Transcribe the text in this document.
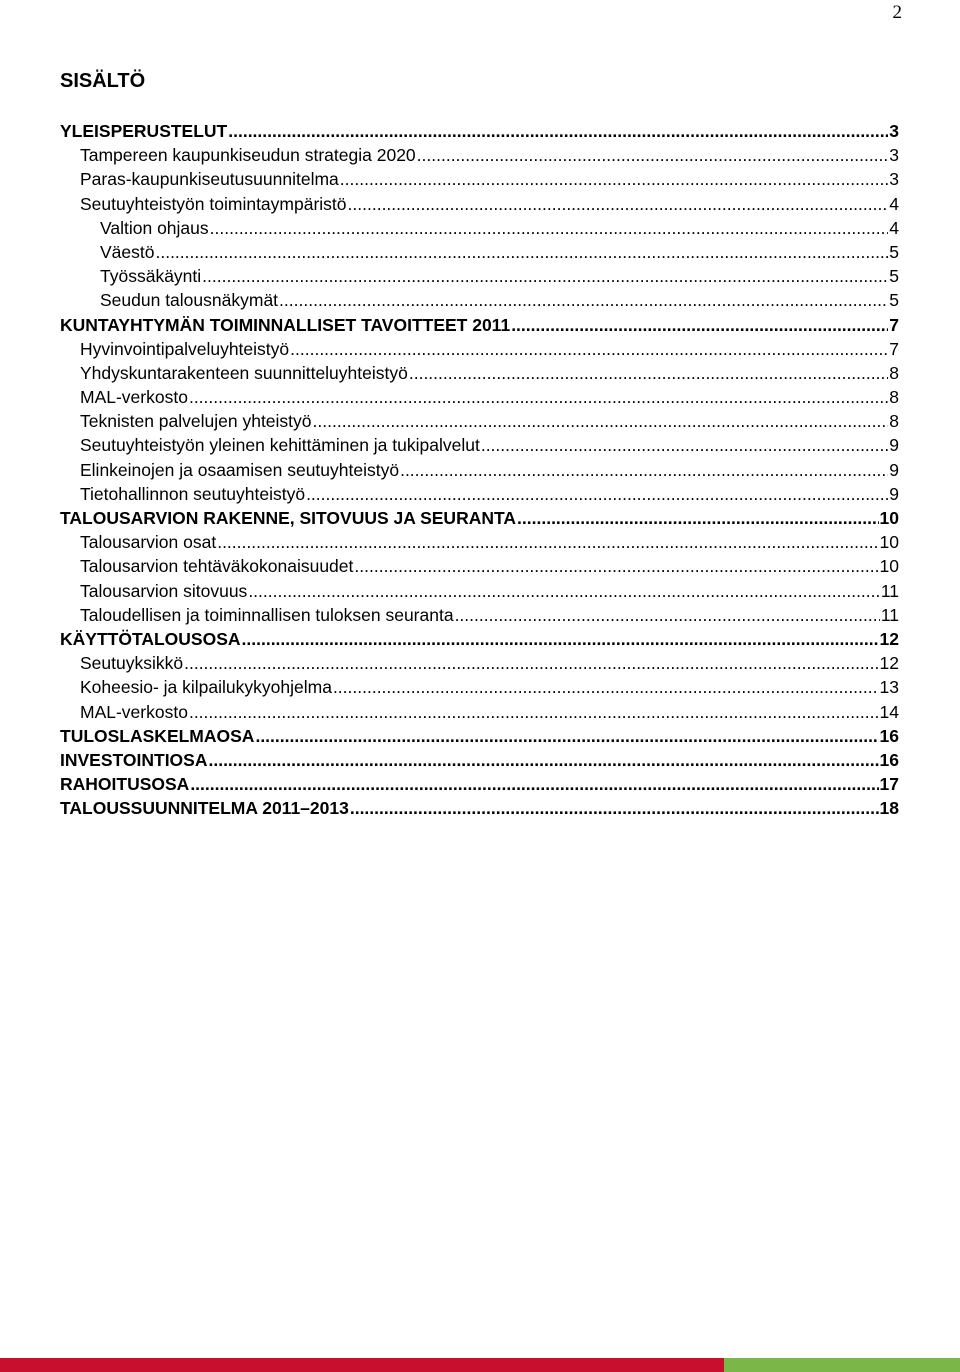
2
SISÄLTÖ
YLEISPERUSTELUT .....	3
Tampereen kaupunkiseudun strategia 2020 .....	3
Paras-kaupunkiseutusuunnitelma .....	3
Seutuyhteistyön toimintaympäristö .....	4
Valtion ohjaus .....	4
Väestö .....	5
Työssäkäynti .....	5
Seudun talousnäkymät .....	5
KUNTAYHTYMÄN TOIMINNALLISET TAVOITTEET 2011 .....	7
Hyvinvointipalveluyhteistyö .....	7
Yhdyskuntarakenteen suunnitteluyhteistyö .....	8
MAL-verkosto .....	8
Teknisten palvelujen yhteistyö .....	8
Seutuyhteistyön yleinen kehittäminen ja tukipalvelut .....	9
Elinkeinojen ja osaamisen seutuyhteistyö .....	9
Tietohallinnon seutuyhteistyö .....	9
TALOUSARVION RAKENNE, SITOVUUS JA SEURANTA .....	10
Talousarvion osat .....	10
Talousarvion tehtäväkokonaisuudet .....	10
Talousarvion sitovuus .....	11
Taloudellisen ja toiminnallisen tuloksen seuranta .....	11
KÄYTTÖTALOUSOSA .....	12
Seutuyksikkö .....	12
Koheesio- ja kilpailukykyohjelma .....	13
MAL-verkosto .....	14
TULOSLASKELMAOSA .....	16
INVESTOINTIOSA .....	16
RAHOITUSOSA .....	17
TALOUSSUUNNITELMA 2011–2013 .....	18
